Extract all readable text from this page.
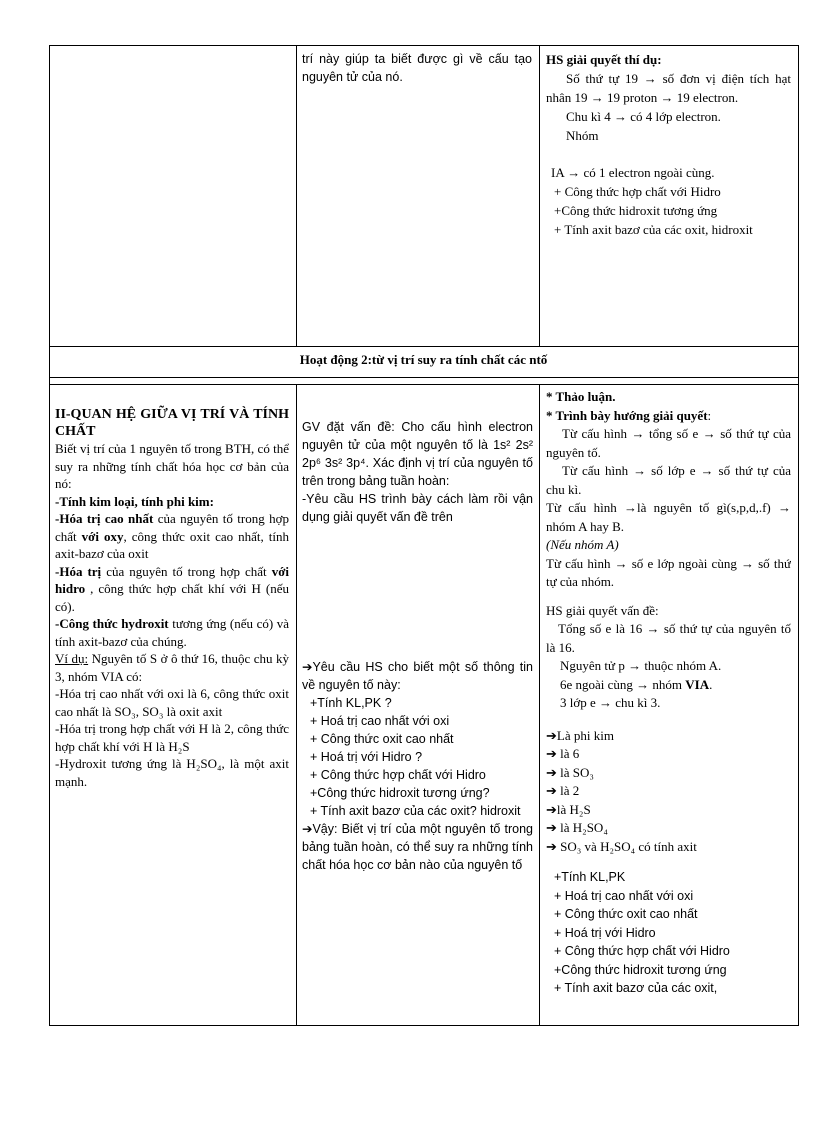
trí này giúp ta biết được gì về cấu tạo nguyên tử của nó.

HS giải quyết thí dụ:

Số thứ tự 19 → số đơn vị điện tích hạt nhân 19 → 19 proton → 19 electron.

Chu kì 4 → có 4 lớp electron.

Nhóm

IA → có 1 electron ngoài cùng.

+ Công thức hợp chất với Hidro

+Công thức hidroxit tương ứng

+ Tính axit bazơ của các oxit, hidroxit

Hoạt động 2:từ vị trí suy ra tính chất các ntố

II-QUAN HỆ GIỮA VỊ TRÍ VÀ TÍNH CHẤT

Biết vị trí của 1 nguyên tố trong BTH, có thể suy ra những tính chất hóa học cơ bản của nó:

-Tính kim loại, tính phi kim:

-Hóa trị cao nhất của nguyên tố trong hợp chất với oxy, công thức oxit cao nhất, tính axit-bazơ của oxit

-Hóa trị của nguyên tố trong hợp chất với hidro , công thức hợp chất khí với H (nếu có).

-Công thức hydroxit tương ứng (nếu có) và tính axit-bazơ của chúng.

Ví dụ: Nguyên tố S ở ô thứ 16, thuộc chu kỳ 3, nhóm VIA có:

-Hóa trị cao nhất với oxi là 6, công thức oxit cao nhất là SO₃, SO₃ là oxit axit

-Hóa trị trong hợp chất với H là 2, công thức hợp chất khí với H là H₂S

-Hydroxit tương ứng là H₂SO₄, là một axit mạnh.

GV đặt vấn đề: Cho cấu hình electron nguyên tử của một nguyên tố là 1s² 2s² 2p⁶ 3s² 3p⁴. Xác định vị trí của nguyên tố trên trong bảng tuần hoàn:

-Yêu cầu HS trình bày cách làm rồi vận dụng giải quyết vấn đề trên

➔Yêu cầu HS cho biết một số thông tin về nguyên tố này:

+Tính KL,PK ?

+ Hoá trị cao nhất với oxi

+ Công thức oxit cao nhất

+ Hoá trị với Hidro ?

+ Công thức hợp chất với Hidro

+Công thức hidroxit tương ứng?

+ Tính axit bazơ của các oxit? hidroxit

➔Vậy: Biết vị trí của một nguyên tố trong bảng tuần hoàn, có thể suy ra những tính chất hóa học cơ bản nào của nguyên tố

* Thảo luận.

* Trình bày hướng giải quyết:

Từ cấu hình → tổng số e → số thứ tự của nguyên tố.

Từ cấu hình → số lớp e → số thứ tự của chu kì.

Từ cấu hình →là nguyên tố gì(s,p,d,.f) → nhóm A hay B.

(Nếu nhóm A)

Từ cấu hình → số e lớp ngoài cùng → số thứ tự của nhóm.

HS giải quyết vấn đề:

Tổng số e là 16 → số thứ tự của nguyên tố là 16.

Nguyên tử p → thuộc nhóm A.

6e ngoài cùng → nhóm VIA.

3 lớp e → chu kì 3.

➔Là phi kim

➔ là 6

➔ là SO₃

➔ là 2

➔là H₂S

➔ là H₂SO₄

➔ SO₃ và H₂SO₄ có tính axit

+Tính KL,PK

+ Hoá trị cao nhất với oxi

+ Công thức oxit cao nhất

+ Hoá trị với Hidro

+ Công thức hợp chất với Hidro

+Công thức hidroxit tương ứng

+ Tính axit bazơ của các oxit,
